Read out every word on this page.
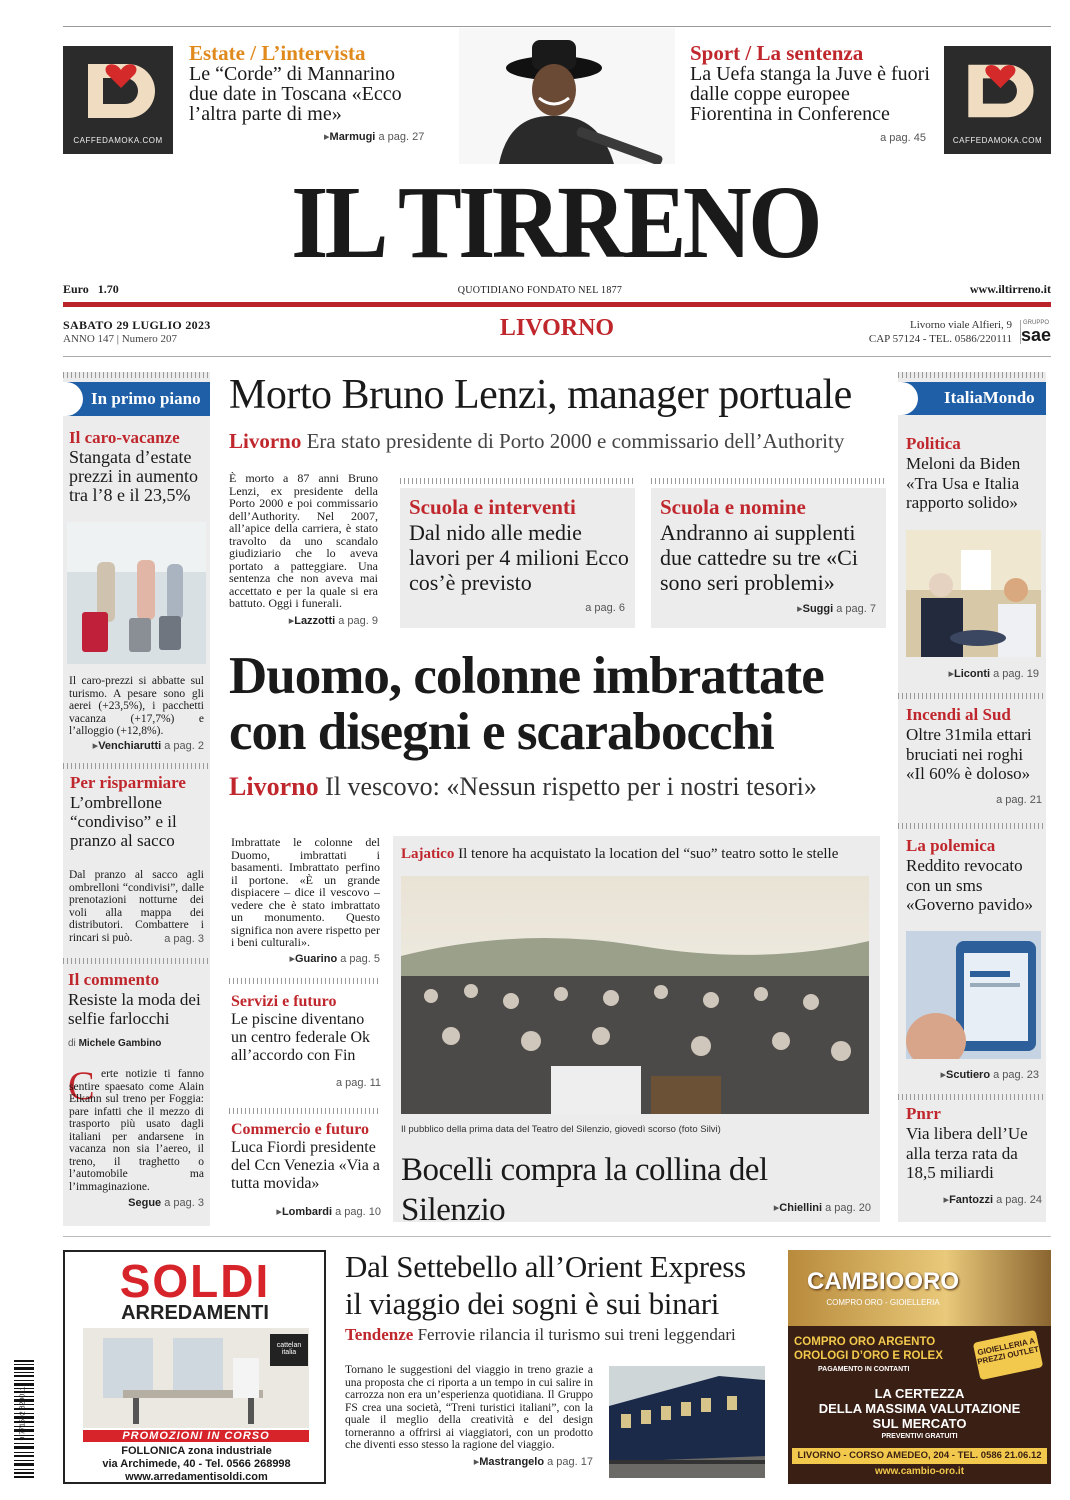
CAFFEDAMOKA.COM
Estate / L’intervista
Le “Corde” di Mannarino due date in Toscana «Ecco l’altra parte di me»
▸Marmugi a pag. 27
Sport / La sentenza
La Uefa stanga la Juve è fuori dalle coppe europee Fiorentina in Conference
a pag. 45	CAFFEDAMOKA.COM
IL TIRRENO
Euro 1.70	QUOTIDIANO FONDATO NEL 1877	www.iltirreno.it
SABATO 29 LUGLIO 2023
ANNO 147 | Numero 207	LIVORNO	Livorno viale Alfieri, 9
CAP 57124 - TEL. 0586/220111
GRUPPO
sae
In primo piano
Il caro-vacanze
Stangata d’estate prezzi in aumento tra l’8 e il 23,5%
Il caro-prezzi si abbatte sul turismo. A pesare sono gli aerei (+23,5%), i pacchetti vacanza (+17,7%) e l’alloggio (+12,8%).
▸Venchiarutti a pag. 2
Per risparmiare
L’ombrellone “condiviso” e il pranzo al sacco
Dal pranzo al sacco agli ombrelloni “condivisi”, dalle prenotazioni notturne dei voli alla mappa dei distributori. Combattere i rincari si può.	a pag. 3
Il commento
Resiste la moda dei selfie farlocchi
di Michele Gambino
C erte notizie ti fanno sentire spaesato come Alain Elkann sul treno per Foggia: pare infatti che il mezzo di trasporto più usato dagli italiani per andarsene in vacanza non sia l’aereo, il treno, il traghetto o l’automobile ma l’immaginazione.
Segue a pag. 3
Morto Bruno Lenzi, manager portuale
Livorno Era stato presidente di Porto 2000 e commissario dell’Authority
È morto a 87 anni Bruno Lenzi, ex presidente della Porto 2000 e poi commissario dell’Authority. Nel 2007, all’apice della carriera, è stato travolto da uno scandalo giudiziario che lo aveva portato a patteggiare. Una sentenza che non aveva mai accettato e per la quale si era battuto. Oggi i funerali.
▸Lazzotti a pag. 9
Scuola e interventi
Dal nido alle medie lavori per 4 milioni Ecco cos’è previsto
a pag. 6
Scuola e nomine
Andranno ai supplenti due cattedre su tre «Ci sono seri problemi»
▸Suggi a pag. 7
Duomo, colonne imbrattate con disegni e scarabocchi
Livorno Il vescovo: «Nessun rispetto per i nostri tesori»
Imbrattate le colonne del Duomo, imbrattati i basamenti. Imbrattato perfino il portone. «È un grande dispiacere – dice il vescovo – vedere che è stato imbrattato un monumento. Questo significa non avere rispetto per i beni culturali».
▸Guarino a pag. 5
Servizi e futuro
Le piscine diventano un centro federale Ok all’accordo con Fin
a pag. 11
Commercio e futuro
Luca Fiordi presidente del Ccn Venezia «Via a tutta movida»
▸Lombardi a pag. 10
Lajatico Il tenore ha acquistato la location del “suo” teatro sotto le stelle
Il pubblico della prima data del Teatro del Silenzio, giovedì scorso (foto Silvi)
Bocelli compra la collina del Silenzio	▸Chiellini a pag. 20
ItaliaMondo
Politica
Meloni da Biden «Tra Usa e Italia rapporto solido»
▸Liconti a pag. 19
Incendi al Sud
Oltre 31mila ettari bruciati nei roghi «Il 60% è doloso»
a pag. 21
La polemica
Reddito revocato con un sms «Governo pavido»
▸Scutiero a pag. 23
Pnrr
Via libera dell’Ue alla terza rata da 18,5 miliardi
▸Fantozzi a pag. 24
9 771592 820011
SOLDI
ARREDAMENTI
cattelan italia
PROMOZIONI IN CORSO
FOLLONICA zona industriale
via Archimede, 40 - Tel. 0566 268998
www.arredamentisoldi.com
Dal Settebello all’Orient Express il viaggio dei sogni è sui binari
Tendenze Ferrovie rilancia il turismo sui treni leggendari
Tornano le suggestioni del viaggio in treno grazie a una proposta che ci riporta a un tempo in cui salire in carrozza non era un’esperienza quotidiana. Il Gruppo FS crea una società, “Treni turistici italiani”, con la quale il meglio della creatività e del design torneranno a offrirsi ai viaggiatori, con un prodotto che diventi esso stesso la ragione del viaggio.
▸Mastrangelo a pag. 17
CAMBIOORO
COMPRO ORO - GIOIELLERIA
COMPRO ORO ARGENTO
OROLOGI D’ORO E ROLEX
PAGAMENTO IN CONTANTI
GIOIELLERIA A PREZZI OUTLET
LA CERTEZZA
DELLA MASSIMA VALUTAZIONE
SUL MERCATO
PREVENTIVI GRATUITI
LIVORNO - CORSO AMEDEO, 204 - TEL. 0586 21.06.12
www.cambio-oro.it
